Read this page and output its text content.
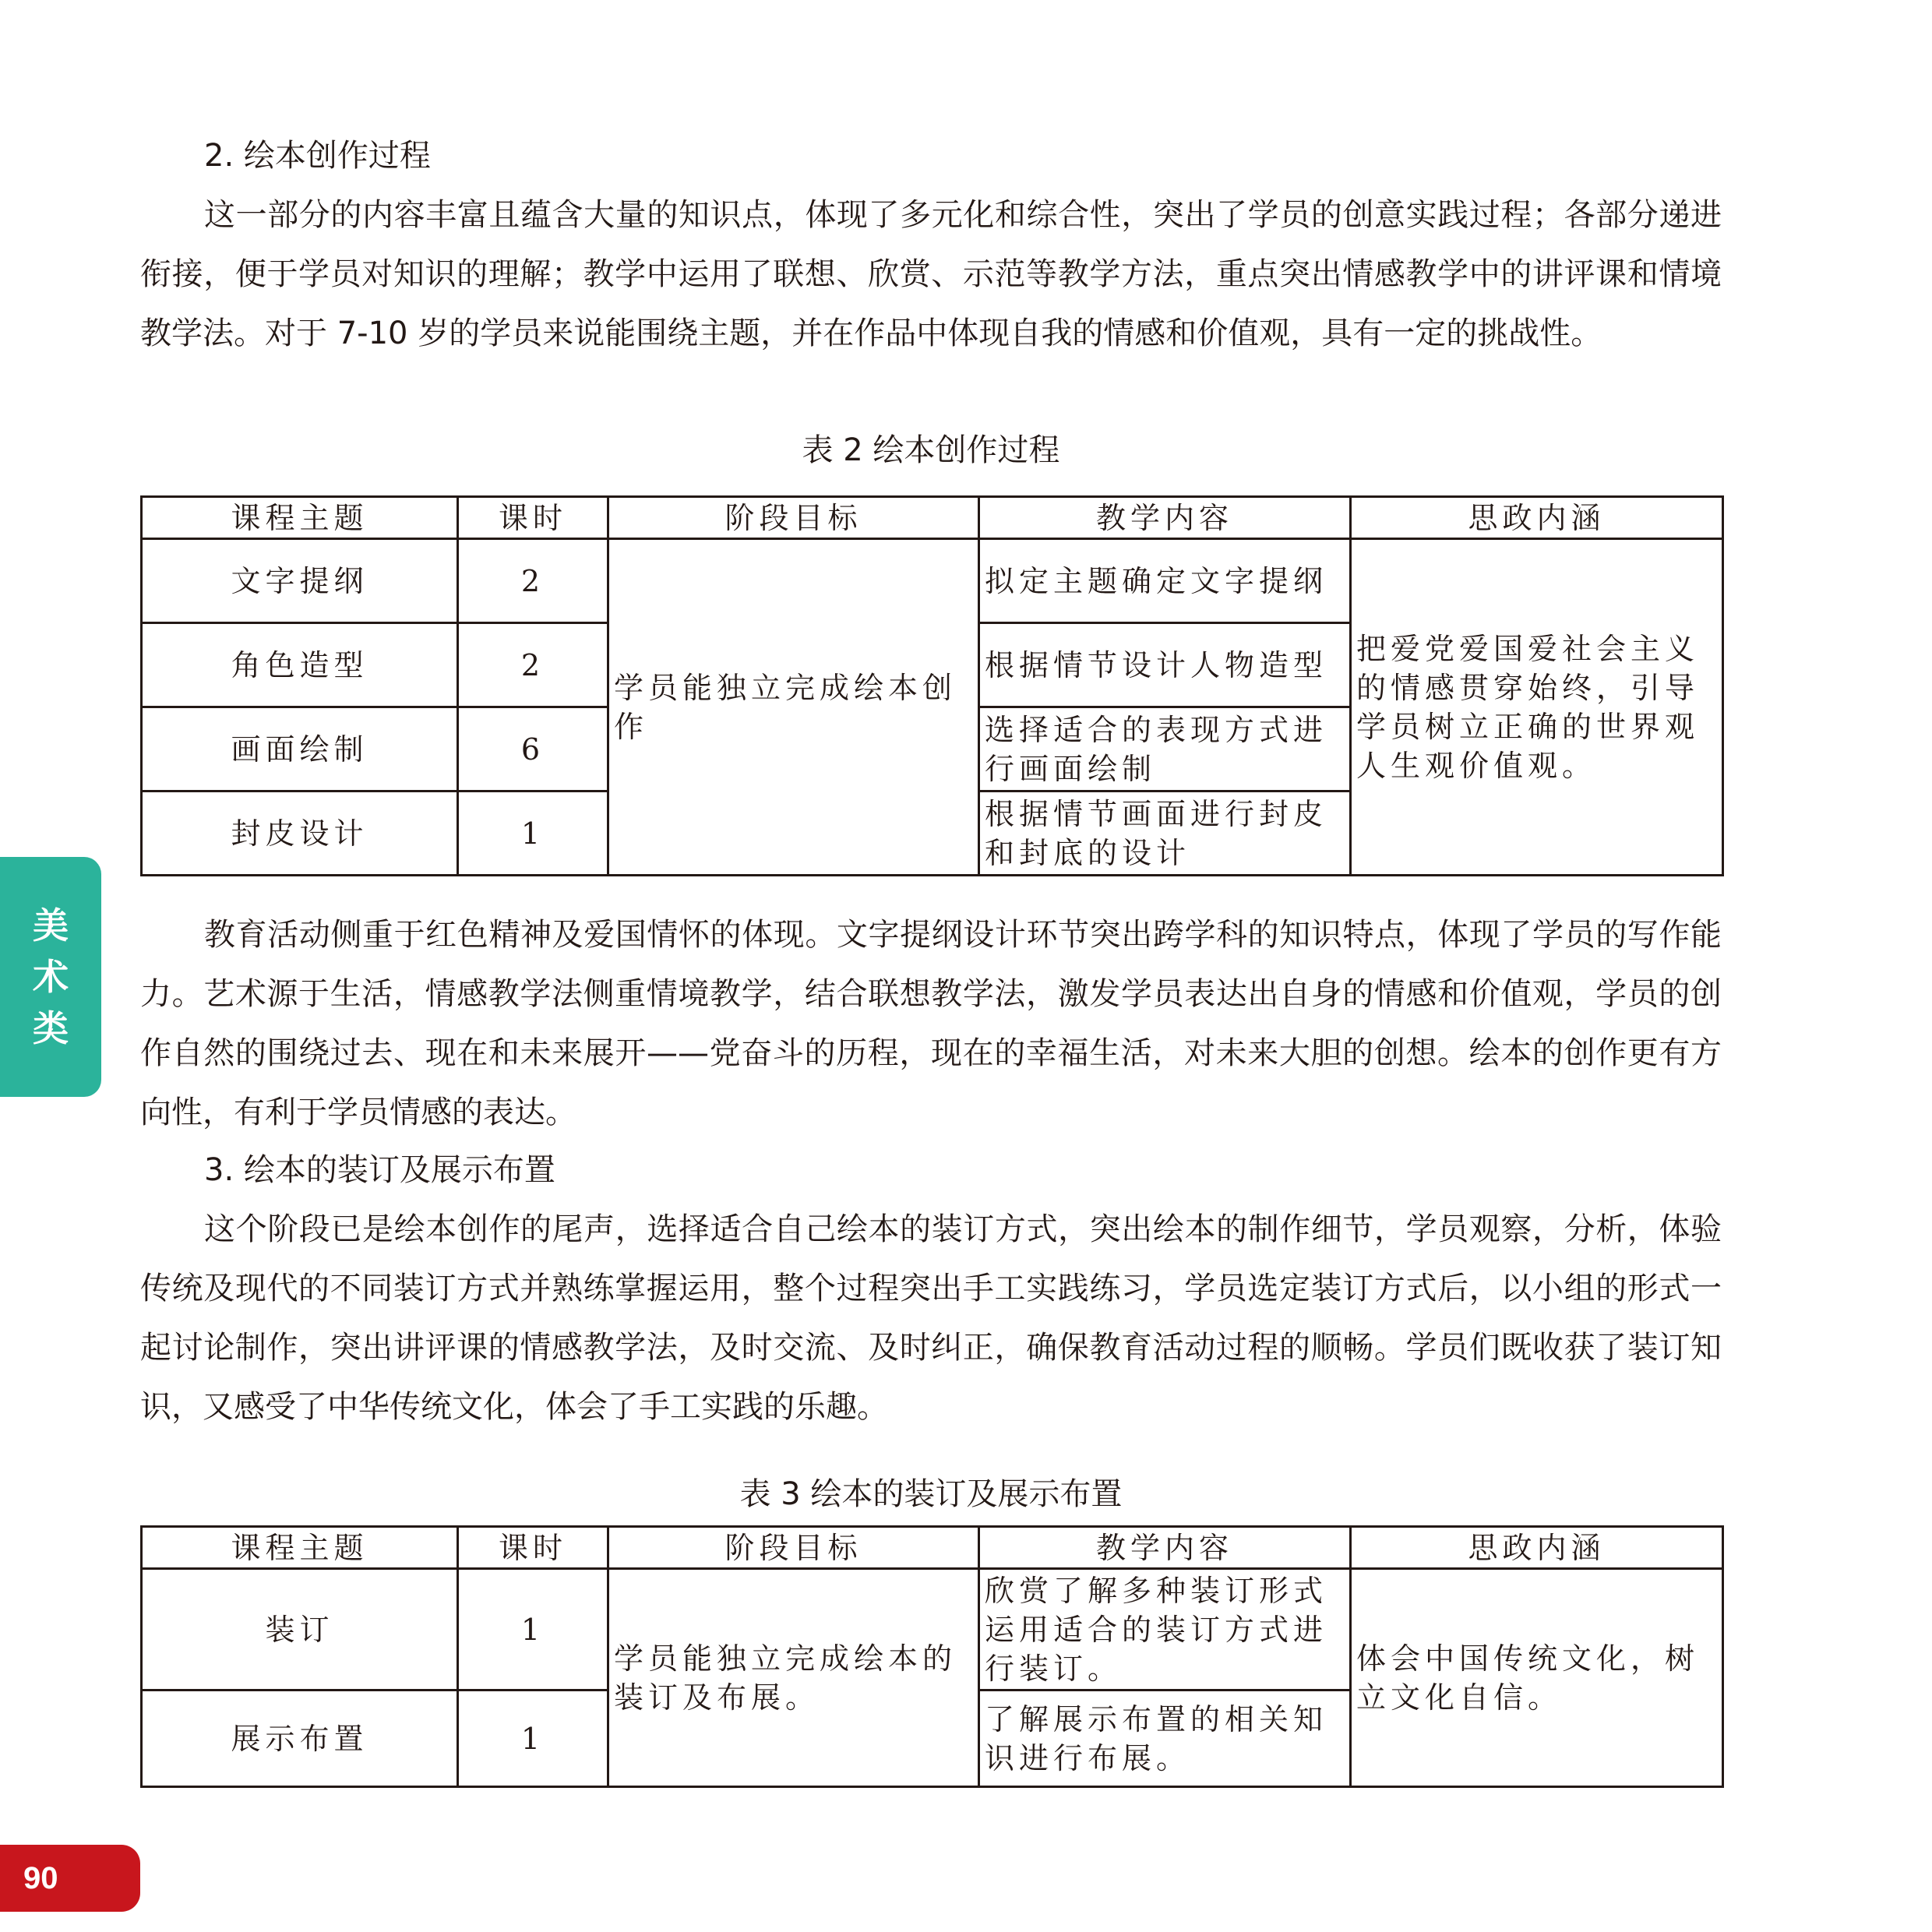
2. 绘本创作过程
这一部分的内容丰富且蕴含大量的知识点，体现了多元化和综合性，突出了学员的创意实践过程；各部分递进衔接，便于学员对知识的理解；教学中运用了联想、欣赏、示范等教学方法，重点突出情感教学中的讲评课和情境教学法。对于 7-10 岁的学员来说能围绕主题，并在作品中体现自我的情感和价值观，具有一定的挑战性。
表 2 绘本创作过程
课程主题	课时	阶段目标	教学内容	思政内涵
文字提纲	2	学员能独立完成绘本创作	拟定主题确定文字提纲	把爱党爱国爱社会主义的情感贯穿始终，引导学员树立正确的世界观人生观价值观。
角色造型	2		根据情节设计人物造型	
画面绘制	6		选择适合的表现方式进行画面绘制	
封皮设计	1		根据情节画面进行封皮和封底的设计	
教育活动侧重于红色精神及爱国情怀的体现。文字提纲设计环节突出跨学科的知识特点，体现了学员的写作能力。艺术源于生活，情感教学法侧重情境教学，结合联想教学法，激发学员表达出自身的情感和价值观，学员的创作自然的围绕过去、现在和未来展开——党奋斗的历程，现在的幸福生活，对未来大胆的创想。绘本的创作更有方向性，有利于学员情感的表达。
3. 绘本的装订及展示布置
这个阶段已是绘本创作的尾声，选择适合自己绘本的装订方式，突出绘本的制作细节，学员观察，分析，体验传统及现代的不同装订方式并熟练掌握运用，整个过程突出手工实践练习，学员选定装订方式后，以小组的形式一起讨论制作，突出讲评课的情感教学法，及时交流、及时纠正，确保教育活动过程的顺畅。学员们既收获了装订知识，又感受了中华传统文化，体会了手工实践的乐趣。
表 3 绘本的装订及展示布置
课程主题	课时	阶段目标	教学内容	思政内涵
装订	1	学员能独立完成绘本的装订及布展。	欣赏了解多种装订形式运用适合的装订方式进行装订。	体会中国传统文化，树立文化自信。
展示布置	1		了解展示布置的相关知识进行布展。	
美
术
类
90
